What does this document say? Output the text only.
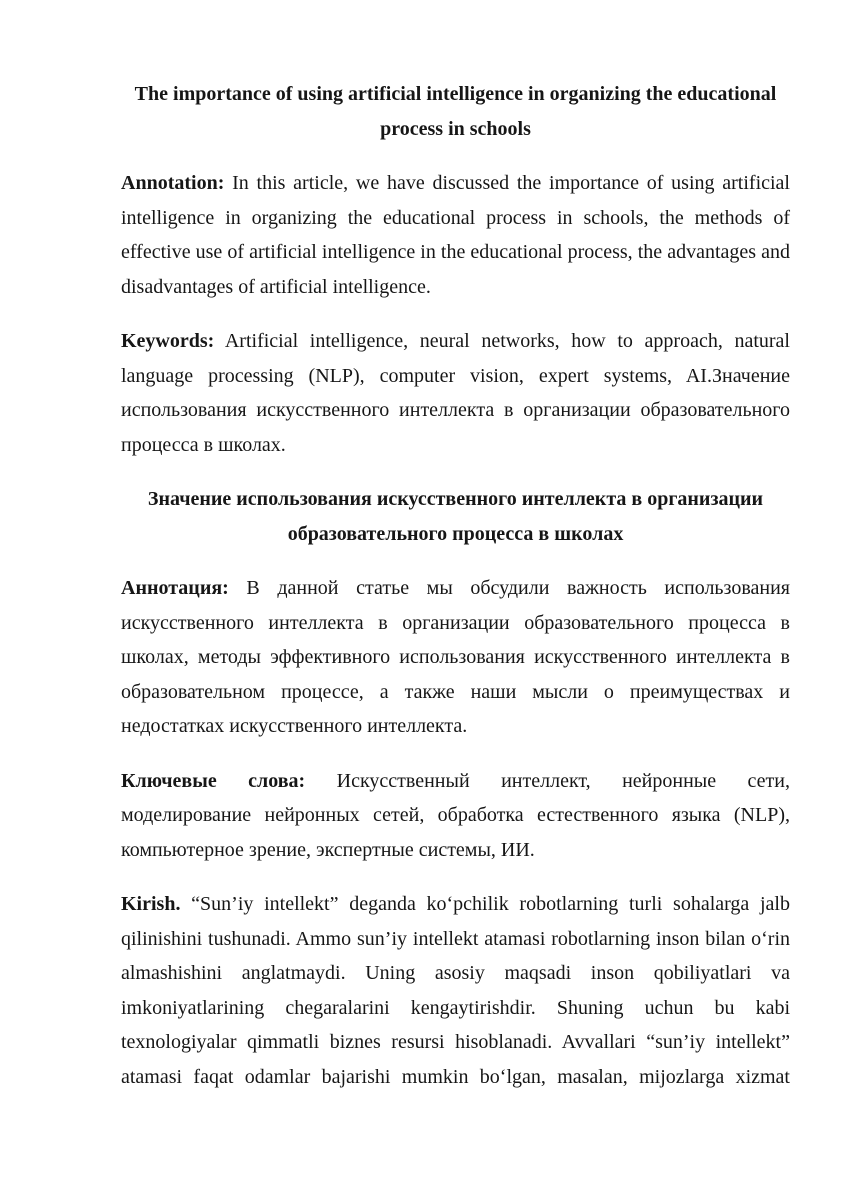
The importance of using artificial intelligence in organizing the educational
process in schools

Annotation: In this article, we have discussed the importance of using artificial intelligence in organizing the educational process in schools, the methods of effective use of artificial intelligence in the educational process, the advantages and disadvantages of artificial intelligence.

Keywords: Artificial intelligence, neural networks, how to approach, natural language processing (NLP), computer vision, expert systems, AI.Значение использования искусственного интеллекта в организации образовательного процесса в школах.

Значение использования искусственного интеллекта в организации
образовательного процесса в школах

Аннотация: В данной статье мы обсудили важность использования искусственного интеллекта в организации образовательного процесса в школах, методы эффективного использования искусственного интеллекта в образовательном процессе, а также наши мысли о преимуществах и недостатках искусственного интеллекта.

Ключевые слова: Искусственный интеллект, нейронные сети, моделирование нейронных сетей, обработка естественного языка (NLP), компьютерное зрение, экспертные системы, ИИ.

Kirish. “Sun’iy intellekt” deganda ko‘pchilik robotlarning turli sohalarga jalb qilinishini tushunadi. Ammo sun’iy intellekt atamasi robotlarning inson bilan o‘rin almashishini anglatmaydi. Uning asosiy maqsadi inson qobiliyatlari va imkoniyatlarining chegaralarini kengaytirishdir. Shuning uchun bu kabi texnologiyalar qimmatli biznes resursi hisoblanadi. Avvallari “sun’iy intellekt” atamasi faqat odamlar bajarishi mumkin bo‘lgan, masalan, mijozlarga xizmat
